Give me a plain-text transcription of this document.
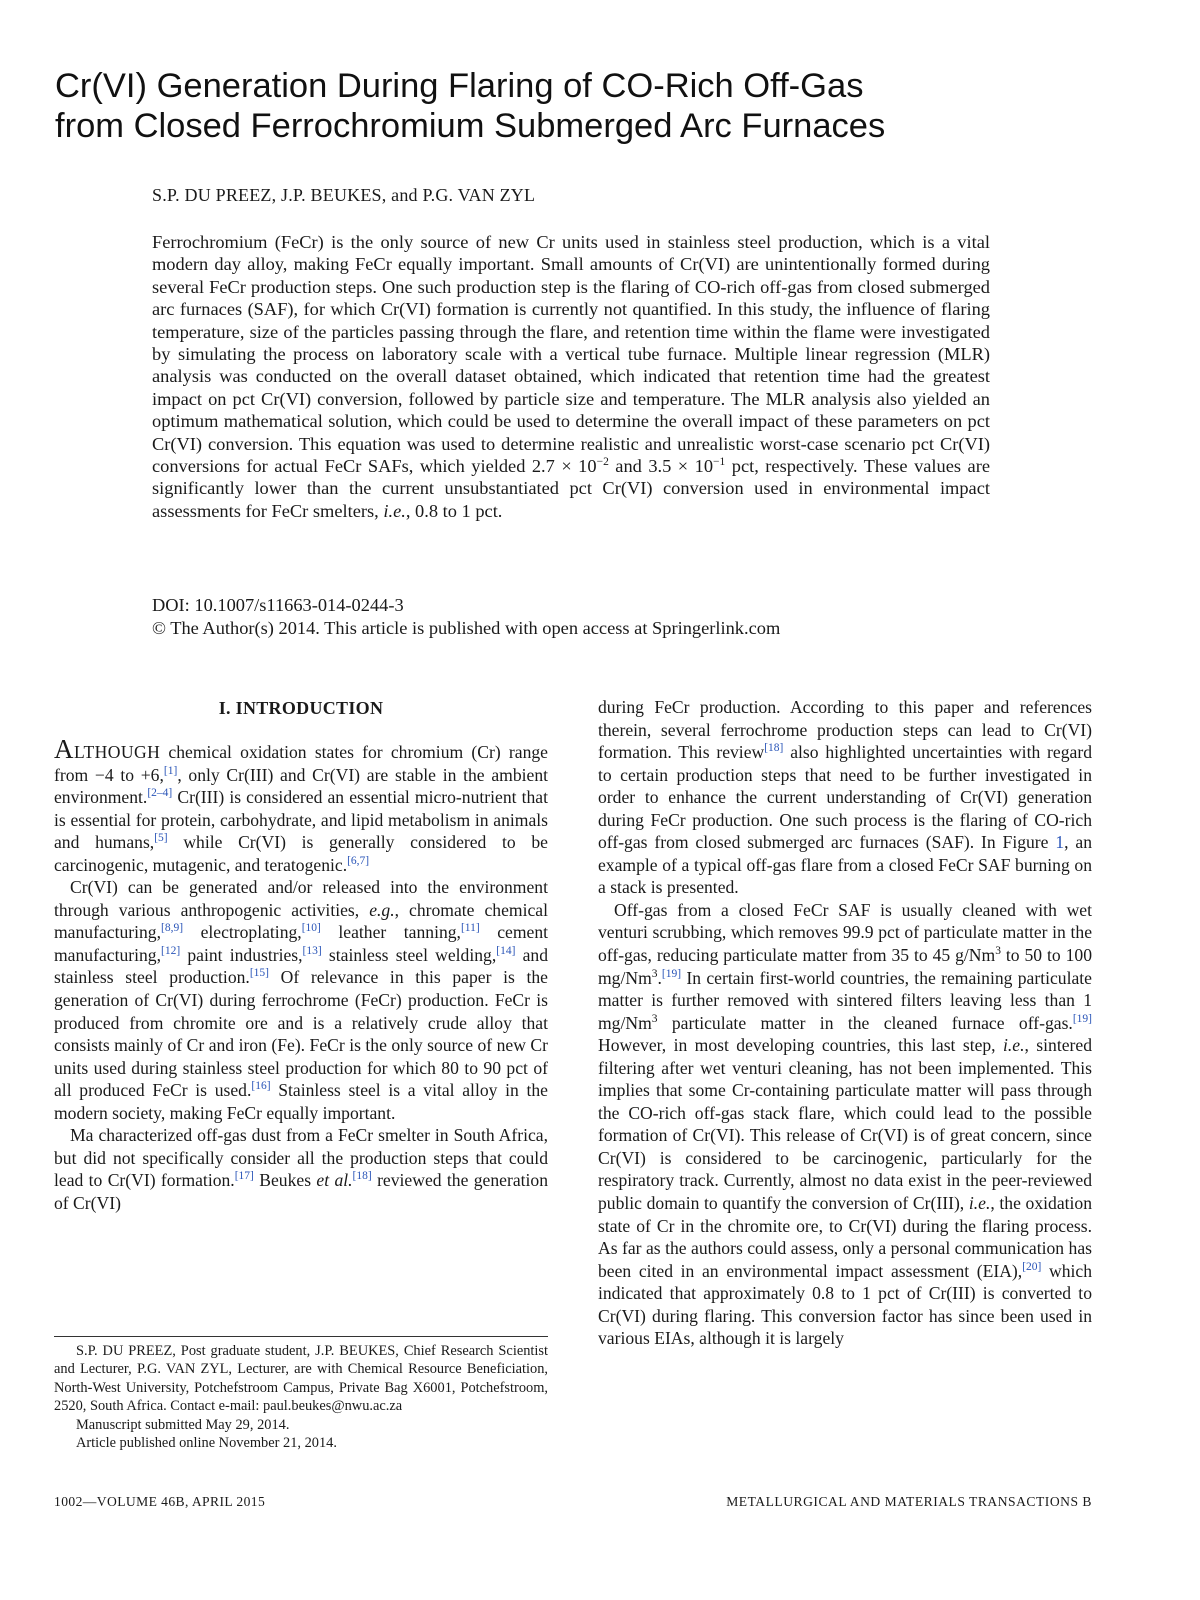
Cr(VI) Generation During Flaring of CO-Rich Off-Gas
from Closed Ferrochromium Submerged Arc Furnaces
S.P. DU PREEZ, J.P. BEUKES, and P.G. VAN ZYL

Ferrochromium (FeCr) is the only source of new Cr units used in stainless steel production, which is a vital modern day alloy, making FeCr equally important. Small amounts of Cr(VI) are unintentionally formed during several FeCr production steps. One such production step is the flaring of CO-rich off-gas from closed submerged arc furnaces (SAF), for which Cr(VI) formation is currently not quantified. In this study, the influence of flaring temperature, size of the particles passing through the flare, and retention time within the flame were investigated by simulating the process on laboratory scale with a vertical tube furnace. Multiple linear regression (MLR) analysis was conducted on the overall dataset obtained, which indicated that retention time had the greatest impact on pct Cr(VI) conversion, followed by particle size and temperature. The MLR analysis also yielded an optimum mathematical solution, which could be used to determine the overall impact of these parameters on pct Cr(VI) conversion. This equation was used to determine realistic and unrealistic worst-case scenario pct Cr(VI) conversions for actual FeCr SAFs, which yielded $2.7 \times 10^{-2}$ and $3.5 \times 10^{-1}$ pct, respectively. These values are significantly lower than the current unsubstantiated pct Cr(VI) conversion used in environmental impact assessments for FeCr smelters, i.e., 0.8 to 1 pct.

DOI: 10.1007/s11663-014-0244-3
© The Author(s) 2014. This article is published with open access at Springerlink.com
I. INTRODUCTION

ALTHOUGH chemical oxidation states for chromium (Cr) range from −4 to +6,[1], only Cr(III) and Cr(VI) are stable in the ambient environment.[2–4] Cr(III) is considered an essential micro-nutrient that is essential for protein, carbohydrate, and lipid metabolism in animals and humans,[5] while Cr(VI) is generally considered to be carcinogenic, mutagenic, and teratogenic.[6,7]

Cr(VI) can be generated and/or released into the environment through various anthropogenic activities, e.g., chromate chemical manufacturing,[8,9] electroplating,[10] leather tanning,[11] cement manufacturing,[12] paint industries,[13] stainless steel welding,[14] and stainless steel production.[15] Of relevance in this paper is the generation of Cr(VI) during ferrochrome (FeCr) production. FeCr is produced from chromite ore and is a relatively crude alloy that consists mainly of Cr and iron (Fe). FeCr is the only source of new Cr units used during stainless steel production for which 80 to 90 pct of all produced FeCr is used.[16] Stainless steel is a vital alloy in the modern society, making FeCr equally important.

Ma characterized off-gas dust from a FeCr smelter in South Africa, but did not specifically consider all the production steps that could lead to Cr(VI) formation.[17] Beukes et al.[18] reviewed the generation of Cr(VI)

S.P. DU PREEZ, Post graduate student, J.P. BEUKES, Chief Research Scientist and Lecturer, P.G. VAN ZYL, Lecturer, are with Chemical Resource Beneficiation, North-West University, Potchefstroom Campus, Private Bag X6001, Potchefstroom, 2520, South Africa. Contact e-mail: paul.beukes@nwu.ac.za

Manuscript submitted May 29, 2014.

Article published online November 21, 2014.

during FeCr production. According to this paper and references therein, several ferrochrome production steps can lead to Cr(VI) formation. This review[18] also highlighted uncertainties with regard to certain production steps that need to be further investigated in order to enhance the current understanding of Cr(VI) generation during FeCr production. One such process is the flaring of CO-rich off-gas from closed submerged arc furnaces (SAF). In Figure 1, an example of a typical off-gas flare from a closed FeCr SAF burning on a stack is presented.

Off-gas from a closed FeCr SAF is usually cleaned with wet venturi scrubbing, which removes 99.9 pct of particulate matter in the off-gas, reducing particulate matter from 35 to 45 g/Nm$^3$ to 50 to 100 mg/Nm$^3$.[19] In certain first-world countries, the remaining particulate matter is further removed with sintered filters leaving less than 1 mg/Nm$^3$ particulate matter in the cleaned furnace off-gas.[19] However, in most developing countries, this last step, i.e., sintered filtering after wet venturi cleaning, has not been implemented. This implies that some Cr-containing particulate matter will pass through the CO-rich off-gas stack flare, which could lead to the possible formation of Cr(VI). This release of Cr(VI) is of great concern, since Cr(VI) is considered to be carcinogenic, particularly for the respiratory track. Currently, almost no data exist in the peer-reviewed public domain to quantify the conversion of Cr(III), i.e., the oxidation state of Cr in the chromite ore, to Cr(VI) during the flaring process. As far as the authors could assess, only a personal communication has been cited in an environmental impact assessment (EIA),[20] which indicated that approximately 0.8 to 1 pct of Cr(III) is converted to Cr(VI) during flaring. This conversion factor has since been used in various EIAs, although it is largely

1002—VOLUME 46B, APRIL 2015	METALLURGICAL AND MATERIALS TRANSACTIONS B
